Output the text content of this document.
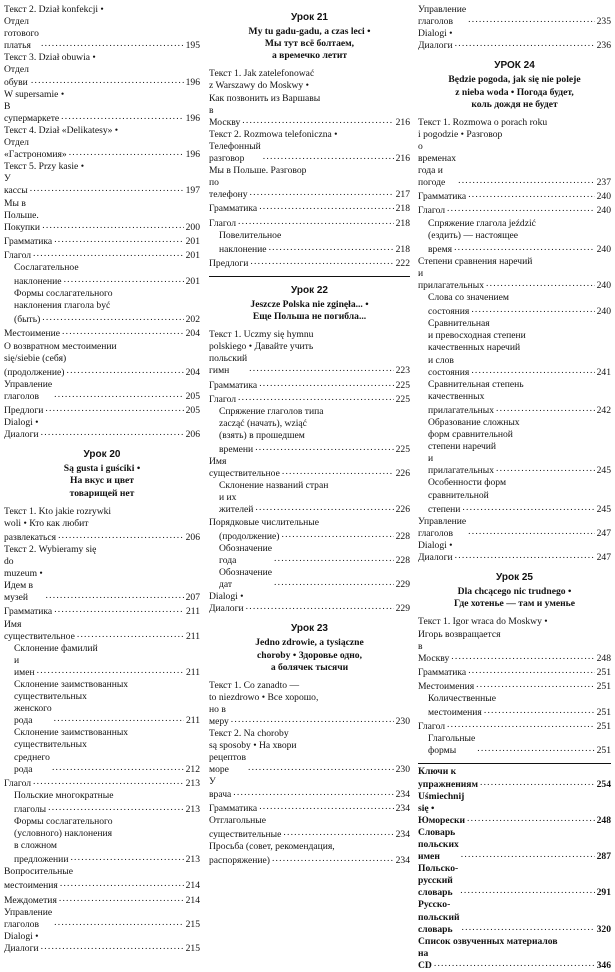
Текст 2. Dział konfekcji •
Отдел готового платья . . .	195
Текст 3. Dział obuwia •
Отдел обуви . . .	196
W supersamie •
В супермаркете . . .	196
Текст 4. Dział «Delikatesy» •
Отдел «Гастрономия» . . .	196
Текст 5. Przy kasie •
У кассы . . .	197
Мы в Польше. Покупки . . .	200
Грамматика . . .	201
Глагол . . .	201
Сослагательное
наклонение . . .	201
Формы сослагательного
наклонения глагола być
(быть) . . .	202
Местоимение . . .	204
О возвратном местоимении
się/siebie (себя)
(продолжение) . . .	204
Управление глаголов . . .	205
Предлоги . . .	205
Dialogi • Диалоги . . .	206
Урок 20
Są gusta i guściki •
На вкус и цвет
товарищей нет
Текст 1. Kto jakie rozrywki
woli • Кто как любит
развлекаться . . .	206
Текст 2. Wybieramy się
do muzeum • Идем в музей . . .	207
Грамматика . . .	211
Имя существительное . . .	211
Склонение фамилий
и имен . . .	211
Склонение заимствованных
существительных
женского рода . . .	211
Склонение заимствованных
существительных
среднего рода . . .	212
Глагол . . .	213
Польские многократные
глаголы . . .	213
Формы сослагательного
(условного) наклонения
в сложном
предложении . . .	213
Вопросительные
местоимения . . .	214
Междометия . . .	214
Управление глаголов . . .	215
Dialogi • Диалоги . . .	215
Урок 21
My tu gadu-gadu, a czas leci •
Мы тут всё болтаем,
а времечко летит
Текст 1. Jak zatelefonować
z Warszawy do Moskwy •
Как позвонить из Варшавы
в Москву . . .	216
Текст 2. Rozmowa telefoniczna •
Телефонный разговор . . .	216
Мы в Польше. Разговор
по телефону . . .	217
Грамматика . . .	218
Глагол . . .	218
Повелительное
наклонение . . .	218
Предлоги . . .	222
Урок 22
Jeszcze Polska nie zginęła... •
Еще Польша не погибла...
Текст 1. Uczmy się hymnu
polskiego • Давайте учить
польский гимн . . .	223
Грамматика . . .	225
Глагол . . .	225
Спряжение глаголов типа
zacząć (начать), wziąć
(взять) в прошедшем
времени . . .	225
Имя существительное . . .	226
Склонение названий стран
и их жителей . . .	226
Порядковые числительные
(продолжение) . . .	228
Обозначение года . . .	228
Обозначение дат . . .	229
Dialogi • Диалоги . . .	229
Урок 23
Jedno zdrowie, a tysiączne
choroby • Здоровье одно,
а болячек тысячи
Текст 1. Co zanadto —
to niezdrowo • Все хорошо,
но в меру . . .	230
Текст 2. Na choroby
są sposoby • На хвори
рецептов море . . .	230
У врача . . .	234
Грамматика . . .	234
Отглагольные
существительные . . .	234
Просьба (совет, рекомендация,
распоряжение) . . .	234
Управление глаголов . . .	235
Dialogi • Диалоги . . .	236
УРОК 24
Będzie pogoda, jak się nie poleje
z nieba woda • Погода будет,
коль дождя не будет
Текст 1. Rozmowa o porach roku
i pogodzie • Разговор
о временах года и погоде . . .	237
Грамматика . . .	240
Глагол . . .	240
Спряжение глагола jeździć
(ездить) — настоящее
время . . .	240
Степени сравнения наречий
и прилагательных . . .	240
Слова со значением
состояния . . .	240
Сравнительная
и превосходная степени
качественных наречий
и слов состояния . . .	241
Сравнительная степень
качественных
прилагательных . . .	242
Образование сложных
форм сравнительной
степени наречий
и прилагательных . . .	245
Особенности форм
сравнительной
степени . . .	245
Управление глаголов . . .	247
Dialogi • Диалоги . . .	247
Урок 25
Dla chcącego nic trudnego •
Где хотенье — там и уменье
Текст 1. Igor wraca do Moskwy •
Игорь возвращается
в Москву . . .	248
Грамматика . . .	251
Местоимения . . .	251
Количественные
местоимения . . .	251
Глагол . . .	251
Глагольные формы . . .	251
Ключи к упражнениям . . .	254
Uśmiechnij się • Юморески . . .	248
Словарь польских имен . . .	287
Польско-русский словарь . . .	291
Русско-польский словарь . . .	320
Список озвученных материалов
на CD . . .	346
